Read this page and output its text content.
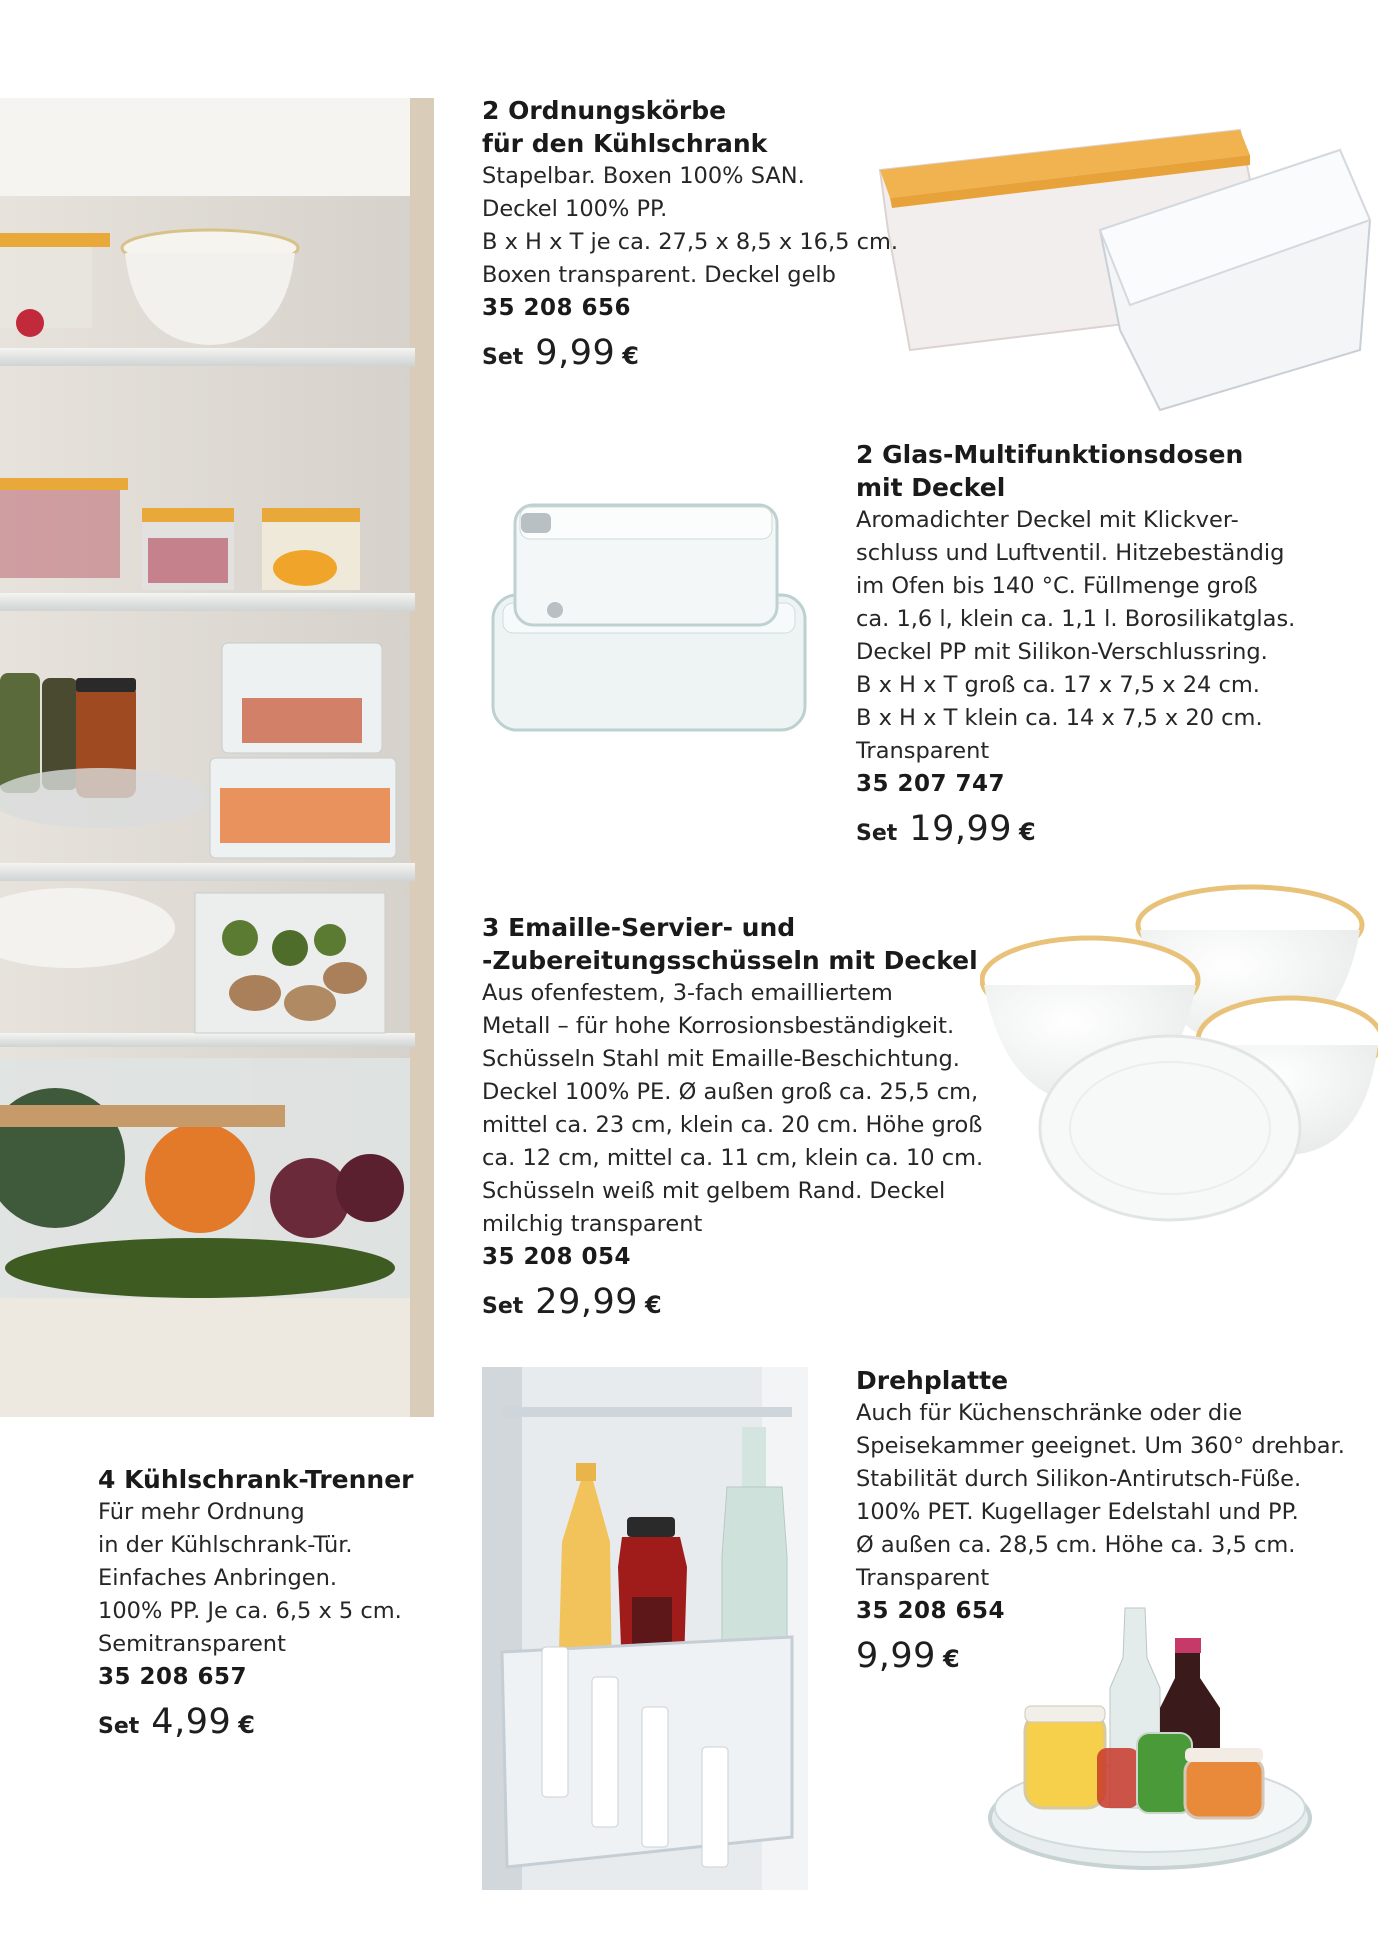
2 Ordnungskörbe
für den Kühlschrank
Stapelbar. Boxen 100% SAN.
Deckel 100% PP.
B x H x T je ca. 27,5 x 8,5 x 16,5 cm.
Boxen transparent. Deckel gelb
35 208 656
Set 9,99 €
2 Glas-Multifunktionsdosen
mit Deckel
Aromadichter Deckel mit Klickver-
schluss und Luftventil. Hitzebeständig
im Ofen bis 140 °C. Füllmenge groß
ca. 1,6 l, klein ca. 1,1 l. Borosilikatglas.
Deckel PP mit Silikon-Verschlussring.
B x H x T groß ca. 17 x 7,5 x 24 cm.
B x H x T klein ca. 14 x 7,5 x 20 cm.
Transparent
35 207 747
Set 19,99 €
3 Emaille-Servier- und
-Zubereitungsschüsseln mit Deckel
Aus ofenfestem, 3-fach emailliertem
Metall – für hohe Korrosionsbeständigkeit.
Schüsseln Stahl mit Emaille-Beschichtung.
Deckel 100% PE. Ø außen groß ca. 25,5 cm,
mittel ca. 23 cm, klein ca. 20 cm. Höhe groß
ca. 12 cm, mittel ca. 11 cm, klein ca. 10 cm.
Schüsseln weiß mit gelbem Rand. Deckel
milchig transparent
35 208 054
Set 29,99 €
Drehplatte
Auch für Küchenschränke oder die
Speisekammer geeignet. Um 360° drehbar.
Stabilität durch Silikon-Antirutsch-Füße.
100% PET. Kugellager Edelstahl und PP.
Ø außen ca. 28,5 cm. Höhe ca. 3,5 cm.
Transparent
35 208 654
9,99 €
4 Kühlschrank-Trenner
Für mehr Ordnung
in der Kühlschrank-Tür.
Einfaches Anbringen.
100% PP. Je ca. 6,5 x 5 cm.
Semitransparent
35 208 657
Set 4,99 €
